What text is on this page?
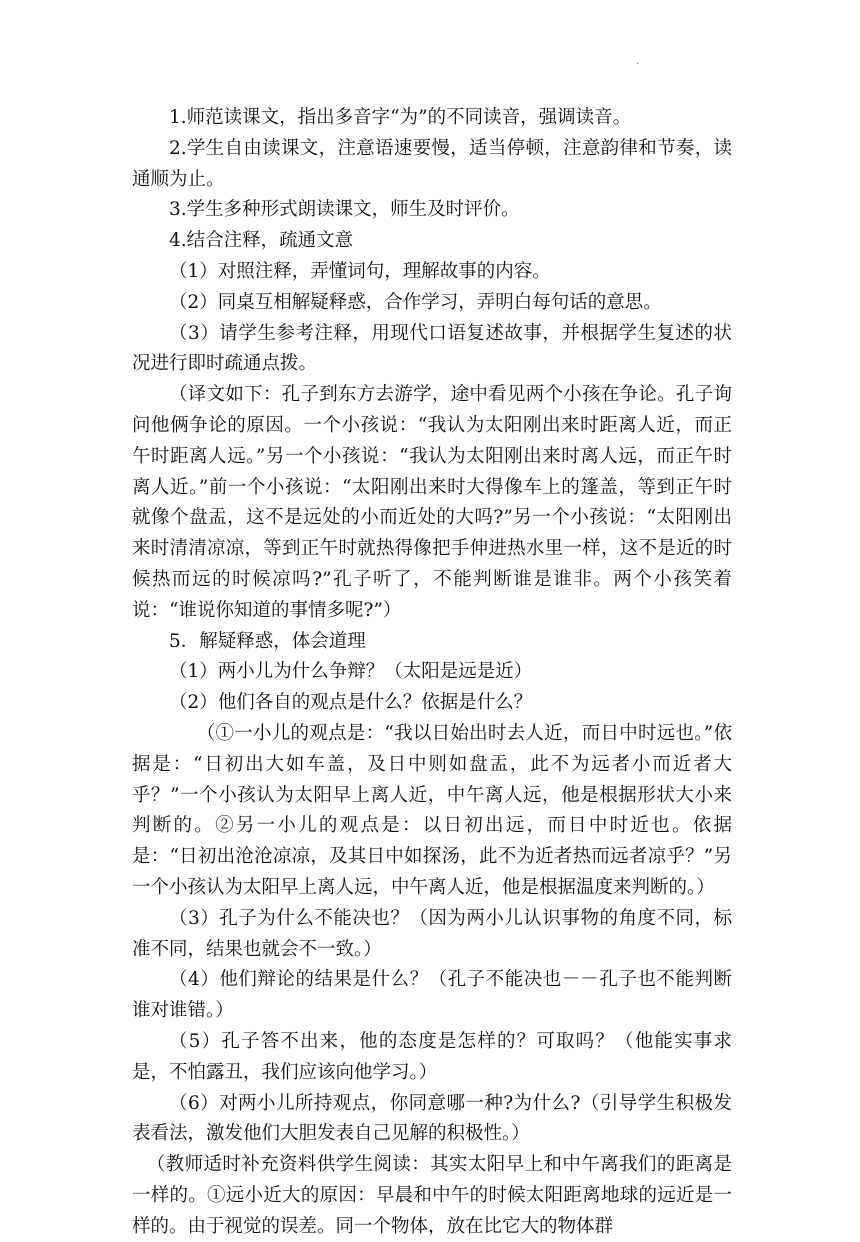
.

1.师范读课文，指出多音字“为”的不同读音，强调读音。

2.学生自由读课文，注意语速要慢，适当停顿，注意韵律和节奏，读通顺为止。

3.学生多种形式朗读课文，师生及时评价。

4.结合注释，疏通文意

（1）对照注释，弄懂词句，理解故事的内容。

（2）同桌互相解疑释惑，合作学习，弄明白每句话的意思。

（3）请学生参考注释，用现代口语复述故事，并根据学生复述的状况进行即时疏通点拨。

（译文如下：孔子到东方去游学，途中看见两个小孩在争论。孔子询问他俩争论的原因。一个小孩说：“我认为太阳刚出来时距离人近，而正午时距离人远。”另一个小孩说：“我认为太阳刚出来时离人远，而正午时离人近。”前一个小孩说：“太阳刚出来时大得像车上的篷盖，等到正午时就像个盘盂，这不是远处的小而近处的大吗?”另一个小孩说：“太阳刚出来时清清凉凉，等到正午时就热得像把手伸进热水里一样，这不是近的时候热而远的时候凉吗?”孔子听了，不能判断谁是谁非。两个小孩笑着说：“谁说你知道的事情多呢?”）

5．解疑释惑，体会道理

（1）两小儿为什么争辩？（太阳是远是近）

（2）他们各自的观点是什么？依据是什么？

（①一小儿的观点是：“我以日始出时去人近，而日中时远也。”依据是：“日初出大如车盖，及日中则如盘盂，此不为远者小而近者大乎？”一个小孩认为太阳早上离人近，中午离人远，他是根据形状大小来判断的。②另一小儿的观点是：以日初出远，而日中时近也。依据是：“日初出沧沧凉凉，及其日中如探汤，此不为近者热而远者凉乎？”另一个小孩认为太阳早上离人远，中午离人近，他是根据温度来判断的。）

（3）孔子为什么不能决也？（因为两小儿认识事物的角度不同，标准不同，结果也就会不一致。）

（4）他们辩论的结果是什么？（孔子不能决也－－孔子也不能判断谁对谁错。）

（5）孔子答不出来，他的态度是怎样的？可取吗？（他能实事求是，不怕露丑，我们应该向他学习。）

（6）对两小儿所持观点，你同意哪一种?为什么?（引导学生积极发表看法，激发他们大胆发表自己见解的积极性。）

（教师适时补充资料供学生阅读：其实太阳早上和中午离我们的距离是一样的。①远小近大的原因：早晨和中午的时候太阳距离地球的远近是一样的。由于视觉的误差。同一个物体，放在比它大的物体群
